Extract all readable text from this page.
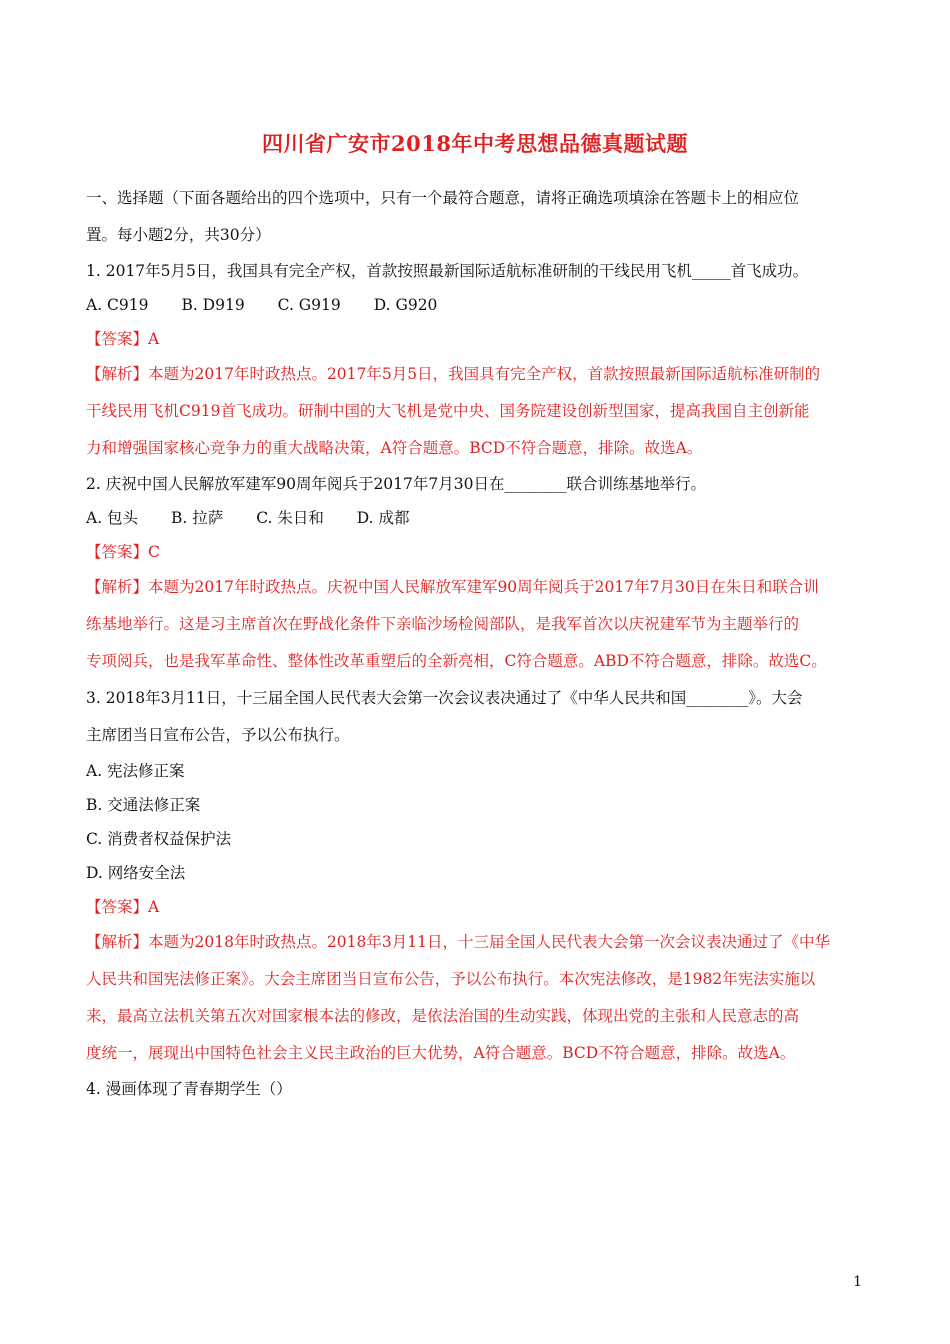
四川省广安市2018年中考思想品德真题试题
一、选择题（下面各题给出的四个选项中，只有一个最符合题意，请将正确选项填涂在答题卡上的相应位
置。每小题2分，共30分）
1. 2017年5月5日，我国具有完全产权，首款按照最新国际适航标准研制的干线民用飞机_____首飞成功。
A. C919 B. D919 C. G919 D. G920
【答案】A
【解析】本题为2017年时政热点。2017年5月5日，我国具有完全产权，首款按照最新国际适航标准研制的
干线民用飞机C919首飞成功。研制中国的大飞机是党中央、国务院建设创新型国家，提高我国自主创新能
力和增强国家核心竞争力的重大战略决策，A符合题意。BCD不符合题意，排除。故选A。
2. 庆祝中国人民解放军建军90周年阅兵于2017年7月30日在________联合训练基地举行。
A. 包头 B. 拉萨 C. 朱日和 D. 成都
【答案】C
【解析】本题为2017年时政热点。庆祝中国人民解放军建军90周年阅兵于2017年7月30日在朱日和联合训
练基地举行。这是习主席首次在野战化条件下亲临沙场检阅部队，是我军首次以庆祝建军节为主题举行的
专项阅兵，也是我军革命性、整体性改革重塑后的全新亮相，C符合题意。ABD不符合题意，排除。故选C。
3. 2018年3月11日，十三届全国人民代表大会第一次会议表决通过了《中华人民共和国________》。大会
主席团当日宣布公告，予以公布执行。
A. 宪法修正案
B. 交通法修正案
C. 消费者权益保护法
D. 网络安全法
【答案】A
【解析】本题为2018年时政热点。2018年3月11日，十三届全国人民代表大会第一次会议表决通过了《中华
人民共和国宪法修正案》。大会主席团当日宣布公告，予以公布执行。本次宪法修改，是1982年宪法实施以
来，最高立法机关第五次对国家根本法的修改，是依法治国的生动实践，体现出党的主张和人民意志的高
度统一，展现出中国特色社会主义民主政治的巨大优势，A符合题意。BCD不符合题意，排除。故选A。
4. 漫画体现了青春期学生（）
1
